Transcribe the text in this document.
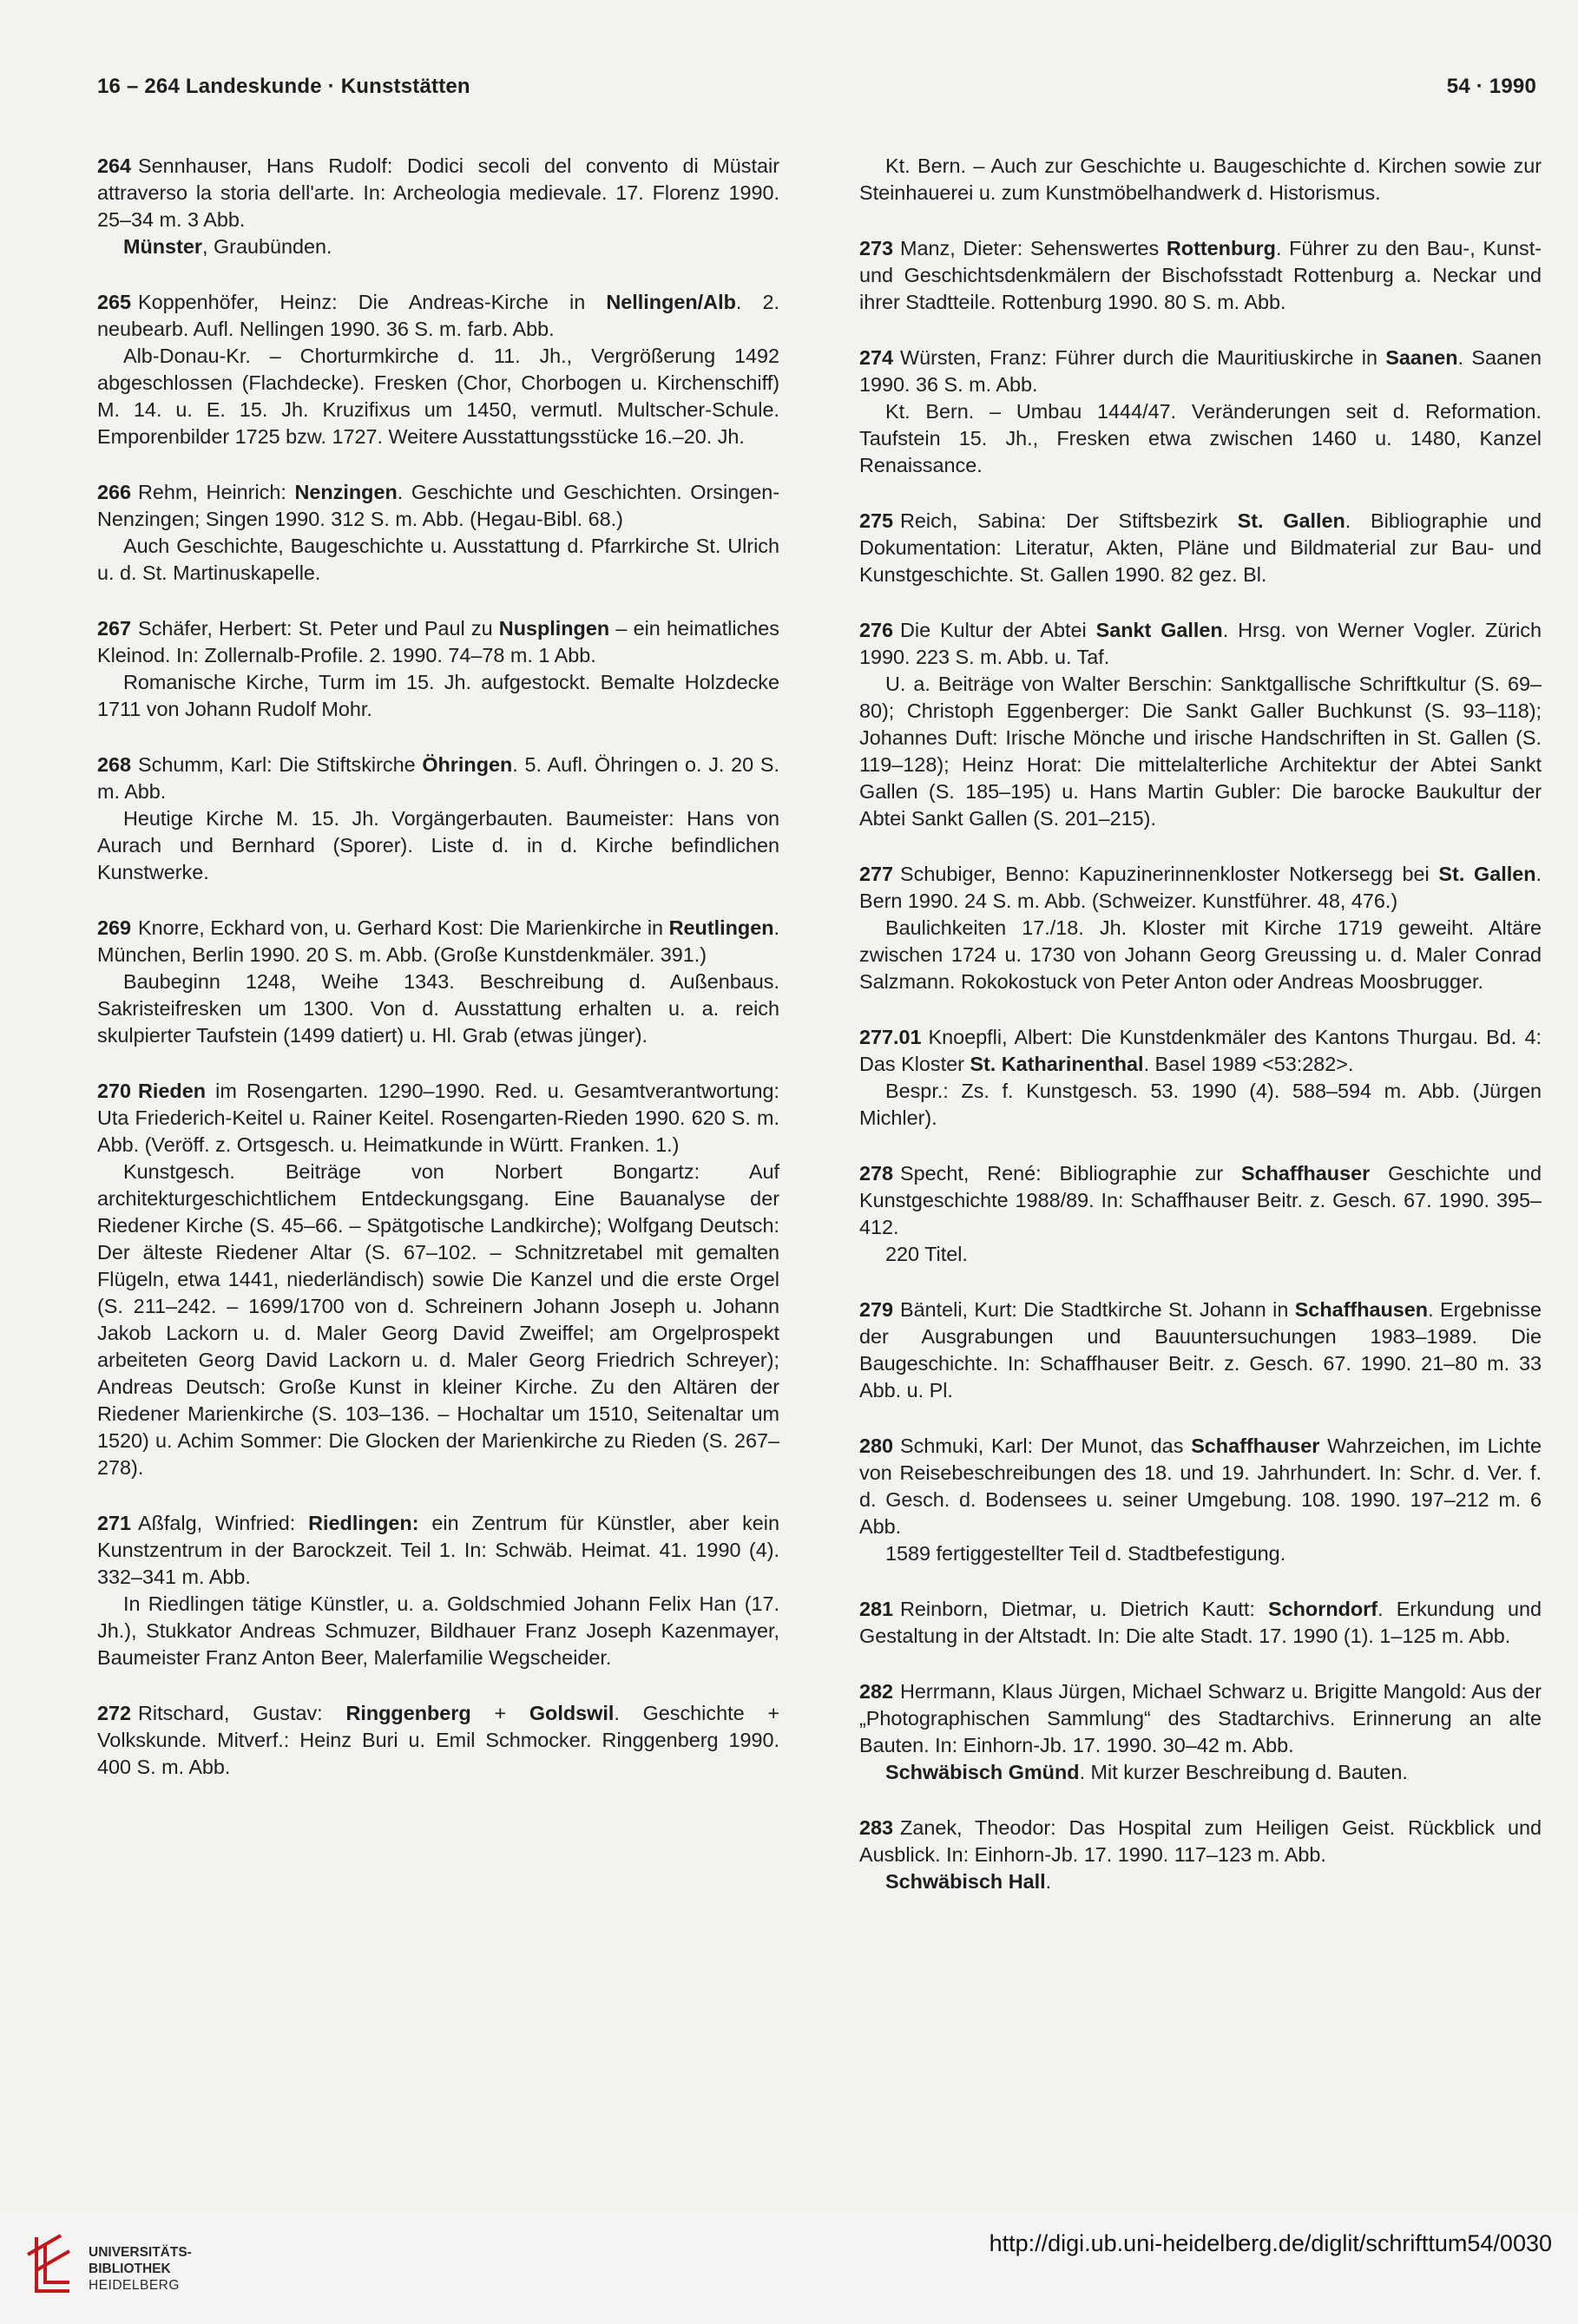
16 – 264 Landeskunde · Kunststätten	54 · 1990

264 Sennhauser, Hans Rudolf: Dodici secoli del convento di Müstair attraverso la storia dell'arte. In: Archeologia medievale. 17. Florenz 1990. 25–34 m. 3 Abb.

Münster, Graubünden.

265 Koppenhöfer, Heinz: Die Andreas-Kirche in Nellingen/Alb. 2. neubearb. Aufl. Nellingen 1990. 36 S. m. farb. Abb.

Alb-Donau-Kr. – Chorturmkirche d. 11. Jh., Vergrößerung 1492 abgeschlossen (Flachdecke). Fresken (Chor, Chorbogen u. Kirchenschiff) M. 14. u. E. 15. Jh. Kruzifixus um 1450, vermutl. Multscher-Schule. Emporenbilder 1725 bzw. 1727. Weitere Ausstattungsstücke 16.–20. Jh.

266 Rehm, Heinrich: Nenzingen. Geschichte und Geschichten. Orsingen-Nenzingen; Singen 1990. 312 S. m. Abb. (Hegau-Bibl. 68.)

Auch Geschichte, Baugeschichte u. Ausstattung d. Pfarrkirche St. Ulrich u. d. St. Martinuskapelle.

267 Schäfer, Herbert: St. Peter und Paul zu Nusplingen – ein heimatliches Kleinod. In: Zollernalb-Profile. 2. 1990. 74–78 m. 1 Abb.

Romanische Kirche, Turm im 15. Jh. aufgestockt. Bemalte Holzdecke 1711 von Johann Rudolf Mohr.

268 Schumm, Karl: Die Stiftskirche Öhringen. 5. Aufl. Öhringen o. J. 20 S. m. Abb.

Heutige Kirche M. 15. Jh. Vorgängerbauten. Baumeister: Hans von Aurach und Bernhard (Sporer). Liste d. in d. Kirche befindlichen Kunstwerke.

269 Knorre, Eckhard von, u. Gerhard Kost: Die Marienkirche in Reutlingen. München, Berlin 1990. 20 S. m. Abb. (Große Kunstdenkmäler. 391.)

Baubeginn 1248, Weihe 1343. Beschreibung d. Außenbaus. Sakristeifresken um 1300. Von d. Ausstattung erhalten u. a. reich skulpierter Taufstein (1499 datiert) u. Hl. Grab (etwas jünger).

270 Rieden im Rosengarten. 1290–1990. Red. u. Gesamtverantwortung: Uta Friederich-Keitel u. Rainer Keitel. Rosengarten-Rieden 1990. 620 S. m. Abb. (Veröff. z. Ortsgesch. u. Heimatkunde in Württ. Franken. 1.)

Kunstgesch. Beiträge von Norbert Bongartz: Auf architekturgeschichtlichem Entdeckungsgang. Eine Bauanalyse der Riedener Kirche (S. 45–66. – Spätgotische Landkirche); Wolfgang Deutsch: Der älteste Riedener Altar (S. 67–102. – Schnitzretabel mit gemalten Flügeln, etwa 1441, niederländisch) sowie Die Kanzel und die erste Orgel (S. 211–242. – 1699/1700 von d. Schreinern Johann Joseph u. Johann Jakob Lackorn u. d. Maler Georg David Zweiffel; am Orgelprospekt arbeiteten Georg David Lackorn u. d. Maler Georg Friedrich Schreyer); Andreas Deutsch: Große Kunst in kleiner Kirche. Zu den Altären der Riedener Marienkirche (S. 103–136. – Hochaltar um 1510, Seitenaltar um 1520) u. Achim Sommer: Die Glocken der Marienkirche zu Rieden (S. 267–278).

271 Aßfalg, Winfried: Riedlingen: ein Zentrum für Künstler, aber kein Kunstzentrum in der Barockzeit. Teil 1. In: Schwäb. Heimat. 41. 1990 (4). 332–341 m. Abb.

In Riedlingen tätige Künstler, u. a. Goldschmied Johann Felix Han (17. Jh.), Stukkator Andreas Schmuzer, Bildhauer Franz Joseph Kazenmayer, Baumeister Franz Anton Beer, Malerfamilie Wegscheider.

272 Ritschard, Gustav: Ringgenberg + Goldswil. Geschichte + Volkskunde. Mitverf.: Heinz Buri u. Emil Schmocker. Ringgenberg 1990. 400 S. m. Abb.

Kt. Bern. – Auch zur Geschichte u. Baugeschichte d. Kirchen sowie zur Steinhauerei u. zum Kunstmöbelhandwerk d. Historismus.

273 Manz, Dieter: Sehenswertes Rottenburg. Führer zu den Bau-, Kunst- und Geschichtsdenkmälern der Bischofsstadt Rottenburg a. Neckar und ihrer Stadtteile. Rottenburg 1990. 80 S. m. Abb.

274 Würsten, Franz: Führer durch die Mauritiuskirche in Saanen. Saanen 1990. 36 S. m. Abb.

Kt. Bern. – Umbau 1444/47. Veränderungen seit d. Reformation. Taufstein 15. Jh., Fresken etwa zwischen 1460 u. 1480, Kanzel Renaissance.

275 Reich, Sabina: Der Stiftsbezirk St. Gallen. Bibliographie und Dokumentation: Literatur, Akten, Pläne und Bildmaterial zur Bau- und Kunstgeschichte. St. Gallen 1990. 82 gez. Bl.

276 Die Kultur der Abtei Sankt Gallen. Hrsg. von Werner Vogler. Zürich 1990. 223 S. m. Abb. u. Taf.

U. a. Beiträge von Walter Berschin: Sanktgallische Schriftkultur (S. 69–80); Christoph Eggenberger: Die Sankt Galler Buchkunst (S. 93–118); Johannes Duft: Irische Mönche und irische Handschriften in St. Gallen (S. 119–128); Heinz Horat: Die mittelalterliche Architektur der Abtei Sankt Gallen (S. 185–195) u. Hans Martin Gubler: Die barocke Baukultur der Abtei Sankt Gallen (S. 201–215).

277 Schubiger, Benno: Kapuzinerinnenkloster Notkersegg bei St. Gallen. Bern 1990. 24 S. m. Abb. (Schweizer. Kunstführer. 48, 476.)

Baulichkeiten 17./18. Jh. Kloster mit Kirche 1719 geweiht. Altäre zwischen 1724 u. 1730 von Johann Georg Greussing u. d. Maler Conrad Salzmann. Rokokostuck von Peter Anton oder Andreas Moosbrugger.

277.01 Knoepfli, Albert: Die Kunstdenkmäler des Kantons Thurgau. Bd. 4: Das Kloster St. Katharinenthal. Basel 1989 <53:282>.

Bespr.: Zs. f. Kunstgesch. 53. 1990 (4). 588–594 m. Abb. (Jürgen Michler).

278 Specht, René: Bibliographie zur Schaffhauser Geschichte und Kunstgeschichte 1988/89. In: Schaffhauser Beitr. z. Gesch. 67. 1990. 395–412.

220 Titel.

279 Bänteli, Kurt: Die Stadtkirche St. Johann in Schaffhausen. Ergebnisse der Ausgrabungen und Bauuntersuchungen 1983–1989. Die Baugeschichte. In: Schaffhauser Beitr. z. Gesch. 67. 1990. 21–80 m. 33 Abb. u. Pl.

280 Schmuki, Karl: Der Munot, das Schaffhauser Wahrzeichen, im Lichte von Reisebeschreibungen des 18. und 19. Jahrhundert. In: Schr. d. Ver. f. d. Gesch. d. Bodensees u. seiner Umgebung. 108. 1990. 197–212 m. 6 Abb.

1589 fertiggestellter Teil d. Stadtbefestigung.

281 Reinborn, Dietmar, u. Dietrich Kautt: Schorndorf. Erkundung und Gestaltung in der Altstadt. In: Die alte Stadt. 17. 1990 (1). 1–125 m. Abb.

282 Herrmann, Klaus Jürgen, Michael Schwarz u. Brigitte Mangold: Aus der „Photographischen Sammlung“ des Stadtarchivs. Erinnerung an alte Bauten. In: Einhorn-Jb. 17. 1990. 30–42 m. Abb.

Schwäbisch Gmünd. Mit kurzer Beschreibung d. Bauten.

283 Zanek, Theodor: Das Hospital zum Heiligen Geist. Rückblick und Ausblick. In: Einhorn-Jb. 17. 1990. 117–123 m. Abb.

Schwäbisch Hall.

UNIVERSITÄTS-
BIBLIOTHEK
HEIDELBERG
http://digi.ub.uni-heidelberg.de/diglit/schrifttum54/0030
